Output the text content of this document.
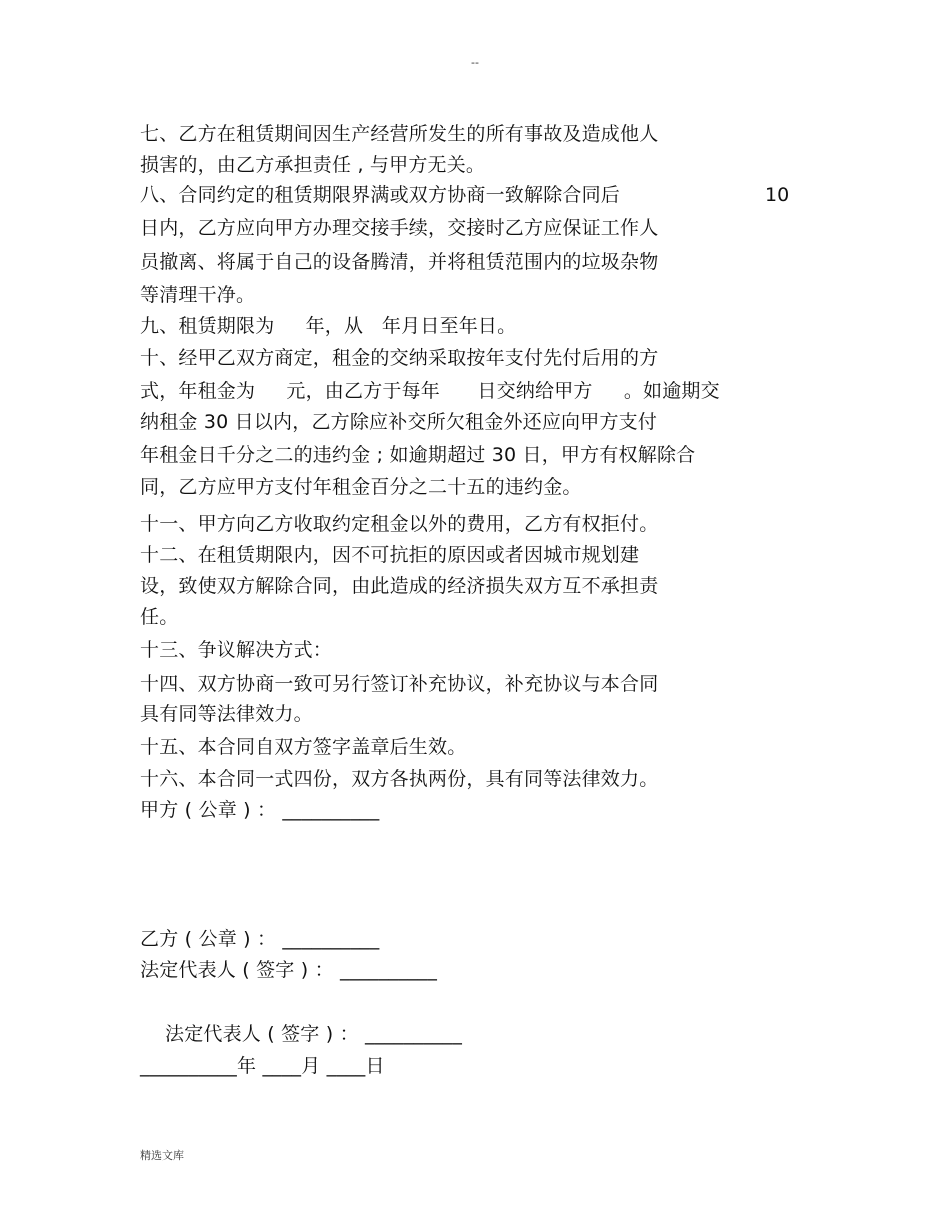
--
七、乙方在租赁期间因生产经营所发生的所有事故及造成他人
损害的，由乙方承担责任 , 与甲方无关。
八、合同约定的租赁期限界满或双方协商一致解除合同后	10
日内，乙方应向甲方办理交接手续，交接时乙方应保证工作人
员撤离、将属于自己的设备腾清，并将租赁范围内的垃圾杂物
等清理干净。
九、租赁期限为     年，从   年月日至年日。
十、经甲乙双方商定，租金的交纳采取按年支付先付后用的方
式，年租金为     元，由乙方于每年      日交纳给甲方     。如逾期交
纳租金 30 日以内，乙方除应补交所欠租金外还应向甲方支付
年租金日千分之二的违约金 ; 如逾期超过 30 日，甲方有权解除合
同，乙方应甲方支付年租金百分之二十五的违约金。
十一、甲方向乙方收取约定租金以外的费用，乙方有权拒付。
十二、在租赁期限内，因不可抗拒的原因或者因城市规划建
设，致使双方解除合同，由此造成的经济损失双方互不承担责
任。
十三、争议解决方式：
十四、双方协商一致可另行签订补充协议，补充协议与本合同
具有同等法律效力。
十五、本合同自双方签字盖章后生效。
十六、本合同一式四份，双方各执两份，具有同等法律效力。
甲方 ( 公章 ) ： __________
乙方 ( 公章 ) ： __________
法定代表人 ( 签字 ) ： __________
法定代表人 ( 签字 ) ： __________
__________年 ____月 ____日
精选文库
